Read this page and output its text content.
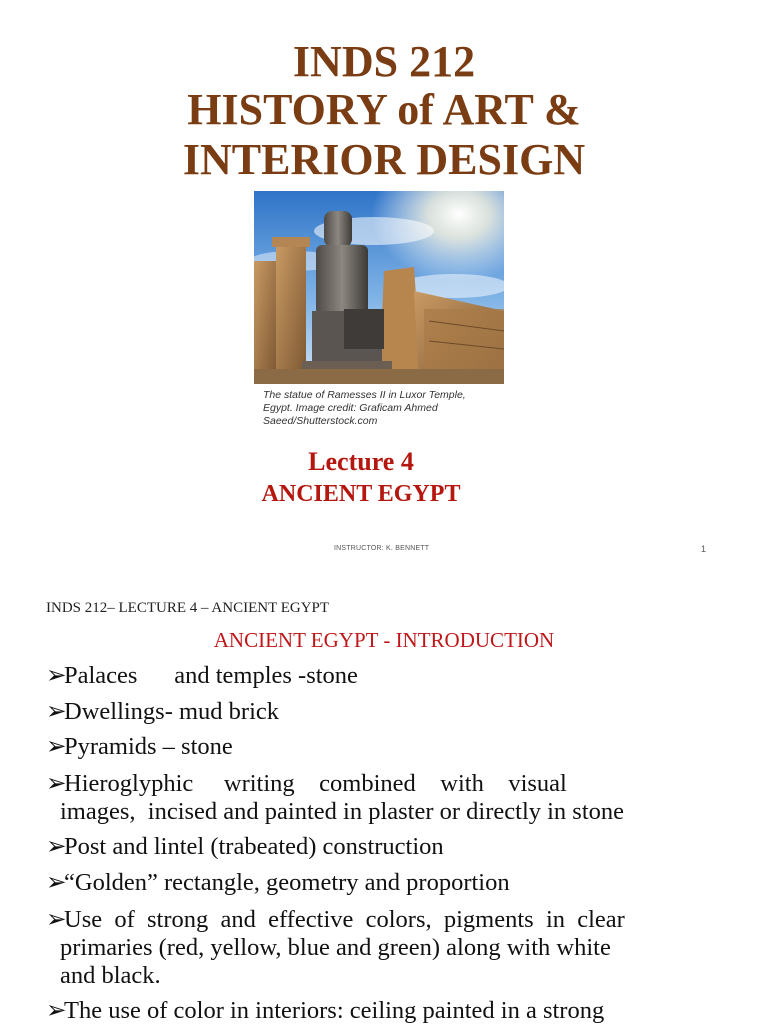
INDS 212
HISTORY of ART &
INTERIOR DESIGN
The statue of Ramesses II in Luxor Temple,
Egypt. Image credit: Graficam Ahmed
Saeed/Shutterstock.com
Lecture 4
ANCIENT EGYPT
INSTRUCTOR: K. BENNETT	1
INDS 212– LECTURE 4 – ANCIENT EGYPT
ANCIENT EGYPT - INTRODUCTION
➢Palaces      and temples -stone
➢Dwellings- mud brick
➢Pyramids – stone
➢Hieroglyphic     writing    combined    with    visual
images,  incised and painted in plaster or directly in stone
➢Post and lintel (trabeated) construction
➢“Golden” rectangle, geometry and proportion
➢Use  of  strong  and  effective  colors,  pigments  in  clear
primaries (red, yellow, blue and green) along with white
and black.
➢The use of color in interiors: ceiling painted in a strong
